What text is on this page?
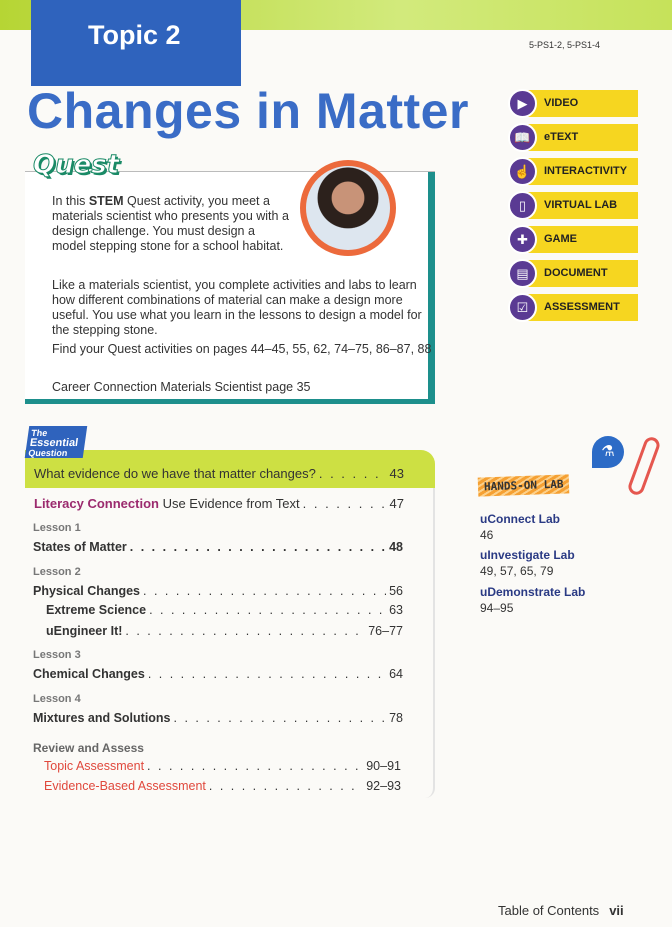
Topic 2	5-PS1-2, 5-PS1-4
Changes in Matter

In this STEM Quest activity, you meet a materials scientist who presents you with a design challenge. You must design a model stepping stone for a school habitat.

Like a materials scientist, you complete activities and labs to learn how different combinations of material can make a design more useful. You use what you learn in the lessons to design a model for the stepping stone.

Find your Quest activities on pages 44–45, 55, 62, 74–75, 86–87, 88

Career Connection Materials Scientist page 35

Quest
▶	VIDEO
📖	eTEXT
☝	INTERACTIVITY
▯	VIRTUAL LAB
✚	GAME
▤	DOCUMENT
☑	ASSESSMENT
The
Essential
Question
What evidence do we have that matter changes? . . .	43
Literacy Connection Use Evidence from Text . . .	47
Lesson 1
States of Matter . . .	48
Lesson 2
Physical Changes . . .	56
Extreme Science . . .	63
uEngineer It! . . .	76–77
Lesson 3
Chemical Changes . . .	64
Lesson 4
Mixtures and Solutions . . .	78
Review and Assess
Topic Assessment . . .	90–91
Evidence-Based Assessment . . .	92–93
HANDS-ON LAB
⚗
uConnect Lab
46
uInvestigate Lab
49, 57, 65, 79
uDemonstrate Lab
94–95
Table of Contents vii
